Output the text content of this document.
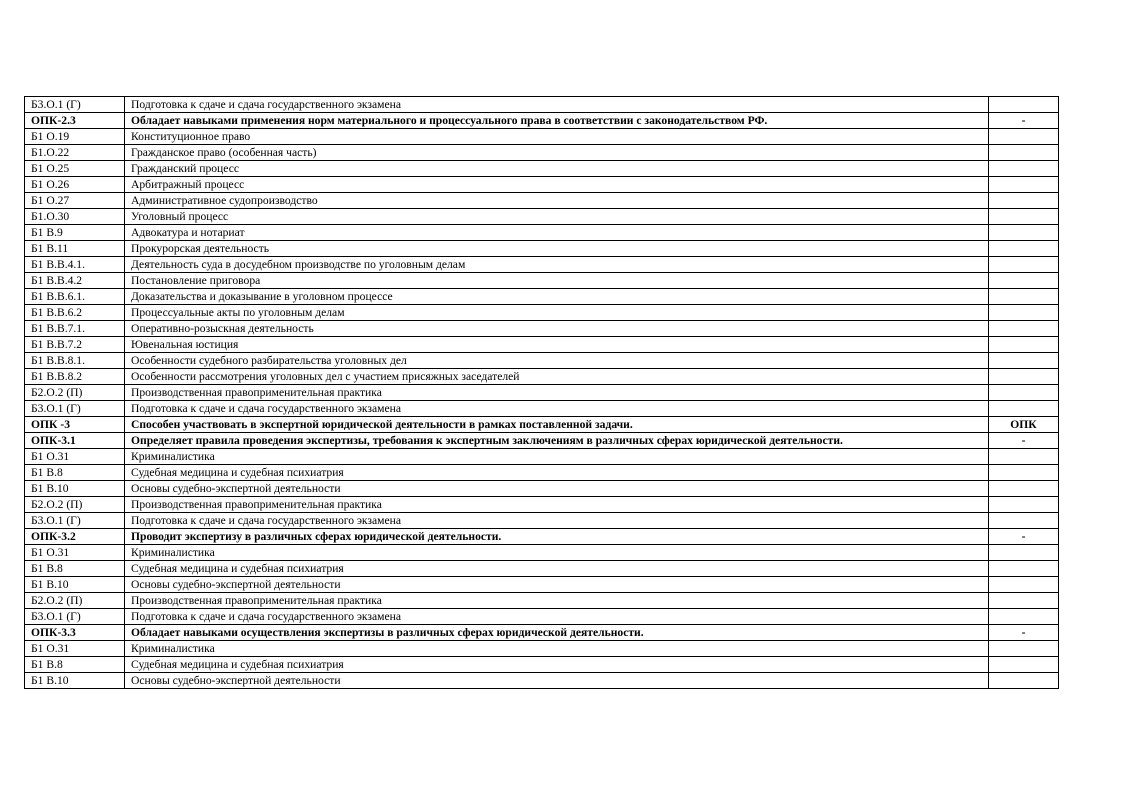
Б3.О.1 (Г)	Подготовка к сдаче и сдача государственного экзамена	
ОПК-2.3	Обладает навыками применения норм материального и процессуального права в соответствии с законодательством РФ.	-
Б1 О.19	Конституционное право	
Б1.О.22	Гражданское право (особенная часть)	
Б1 О.25	Гражданский процесс	
Б1 О.26	Арбитражный процесс	
Б1 О.27	Административное судопроизводство	
Б1.О.30	Уголовный процесс	
Б1 В.9	Адвокатура и нотариат	
Б1 В.11	Прокурорская деятельность	
Б1 В.В.4.1.	Деятельность суда в досудебном производстве по уголовным делам	
Б1 В.В.4.2	Постановление приговора	
Б1 В.В.6.1.	Доказательства и доказывание в уголовном процессе	
Б1 В.В.6.2	Процессуальные акты по уголовным делам	
Б1 В.В.7.1.	Оперативно-розыскная деятельность	
Б1 В.В.7.2	Ювенальная юстиция	
Б1 В.В.8.1.	Особенности судебного разбирательства уголовных дел	
Б1 В.В.8.2	Особенности рассмотрения уголовных дел с участием присяжных заседателей	
Б2.О.2 (П)	Производственная правоприменительная практика	
Б3.О.1 (Г)	Подготовка к сдаче и сдача государственного экзамена	
ОПК -3	Способен участвовать в экспертной юридической деятельности в рамках поставленной задачи.	ОПК
ОПК-3.1	Определяет правила проведения экспертизы, требования к экспертным заключениям в различных сферах юридической деятельности.	-
Б1 О.31	Криминалистика	
Б1 В.8	Судебная медицина и судебная психиатрия	
Б1 В.10	Основы судебно-экспертной деятельности	
Б2.О.2 (П)	Производственная правоприменительная практика	
Б3.О.1 (Г)	Подготовка к сдаче и сдача государственного экзамена	
ОПК-3.2	Проводит экспертизу в различных сферах юридической деятельности.	-
Б1 О.31	Криминалистика	
Б1 В.8	Судебная медицина и судебная психиатрия	
Б1 В.10	Основы судебно-экспертной деятельности	
Б2.О.2 (П)	Производственная правоприменительная практика	
Б3.О.1 (Г)	Подготовка к сдаче и сдача государственного экзамена	
ОПК-3.3	Обладает навыками осуществления экспертизы в различных сферах юридической деятельности.	-
Б1 О.31	Криминалистика	
Б1 В.8	Судебная медицина и судебная психиатрия	
Б1 В.10	Основы судебно-экспертной деятельности	
